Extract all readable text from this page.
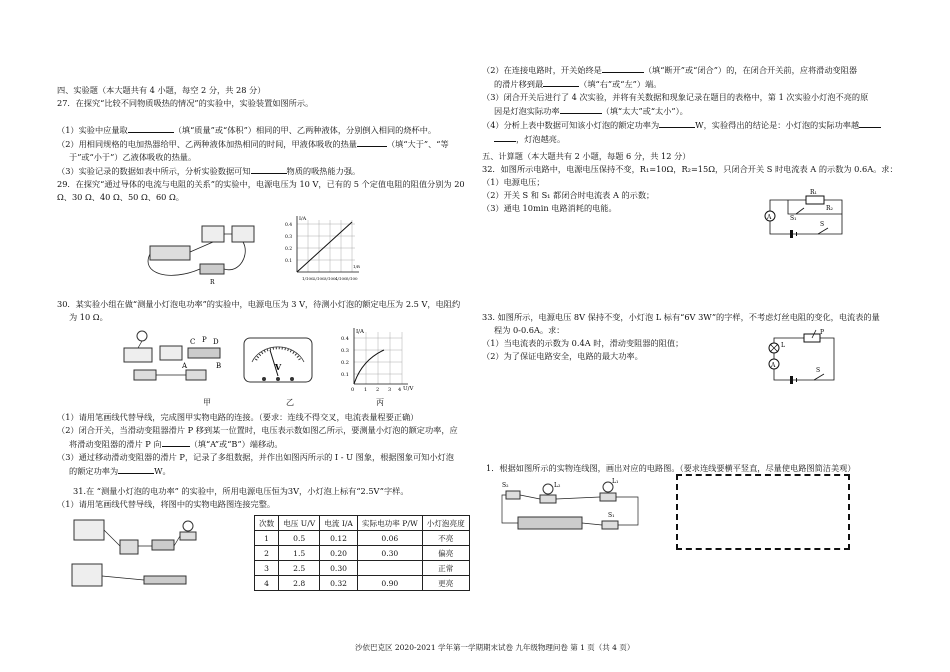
四、实验题（本大题共有 4 小题，每空 2 分，共 28 分）
27．在探究“比较不同物质吸热的情况”的实验中，实验装置如图所示。
（1）实验中应量取	（填“质量”或“体积”）相同的甲、乙两种液体，分别倒入相同的烧杯中。
（2）用相同规格的电加热器给甲、乙两种液体加热相同的时间，甲液体吸收的热量	（填“大于”、“等
于”或“小于”）乙液体吸收的热量。
（3）实验记录的数据如表中所示，分析实验数据可知	物质的吸热能力强。
29．在探究“通过导体的电流与电阻的关系”的实验中，电源电压为 10 V，已有的 5 个定值电阻的阻值分别为 20
Ω、30 Ω、40 Ω、50 Ω、60 Ω。
R
I/A
0.4
0.3
0.2
0.1
1/100 2/100 3/100 4/100 5/100
1/R
30．某实验小组在做“测量小灯泡电功率”的实验中，电源电压为 3 V，待测小灯泡的额定电压为 2.5 V，电阻约
为 10 Ω。
C P D
A	B	V
I/A
0.4
0.3
0.2
0.1
0 1 2 3 4 U/V
甲	乙	丙
（1）请用笔画线代替导线，完成图甲实物电路的连接。（要求：连线不得交叉，电流表量程要正确）
（2）闭合开关，当滑动变阻器滑片 P 移到某一位置时，电压表示数如图乙所示，要测量小灯泡的额定功率，应
将滑动变阻器的滑片 P 向	（填“A”或“B”）端移动。
（3）通过移动滑动变阻器的滑片 P，记录了多组数据，并作出如图丙所示的 I - U 图象，根据图象可知小灯泡
的额定功率为	W。
31.在 “测量小灯泡的电功率” 的实验中，所用电源电压恒为3V，小灯泡上标有“2.5V”字样。
（1）请用笔画线代替导线，将图中的实物电路图连接完整。
次数	电压 U/V	电流 I/A	实际电功率 P/W	小灯泡亮度
1	0.5	0.12	0.06	不亮
2	1.5	0.20	0.30	偏亮
3	2.5	0.30		正常
4	2.8	0.32	0.90	更亮
（2）在连接电路时，开关始终是	（填“断开”或“闭合”）的，在闭合开关前，应将滑动变阻器
的滑片移到最	（填“右”或“左”）端。
（3）闭合开关后进行了 4 次实验，并将有关数据和现象记录在题目的表格中，第 1 次实验小灯泡不亮的原
因是灯泡实际功率	（填“太大”或“太小”）。
（4）分析上表中数据可知该小灯泡的额定功率为	W，实验得出的结论是：小灯泡的实际功率越
，灯泡越亮。
五、计算题（本大题共有 2 小题，每题 6 分，共 12 分）
32．如图所示电路中，电源电压保持不变，R₁=10Ω，R₂=15Ω，只闭合开关 S 时电流表 A 的示数为 0.6A。求：
（1）电源电压；
（2）开关 S 和 S₁ 都闭合时电流表 A 的示数；
（3）通电 10min 电路消耗的电能。
A
R₁
R₂
S₁
S
33. 如图所示，电源电压 8V 保持不变，小灯泡 L 标有“6V 3W”的字样，不考虑灯丝电阻的变化，电流表的量
程为 0-0.6A。求：
（1）当电流表的示数为 0.4A 时，滑动变阻器的阻值；
（2）为了保证电路安全，电路的最大功率。
L
P
A
S
1．根据如图所示的实物连线图，画出对应的电路图。（要求连线要横平竖直，尽量使电路图简洁美观）
S₂	L₂
L₁
S₁
沙依巴克区 2020-2021 学年第一学期期末试卷 九年级物理问卷 第 1 页（共 4 页）
